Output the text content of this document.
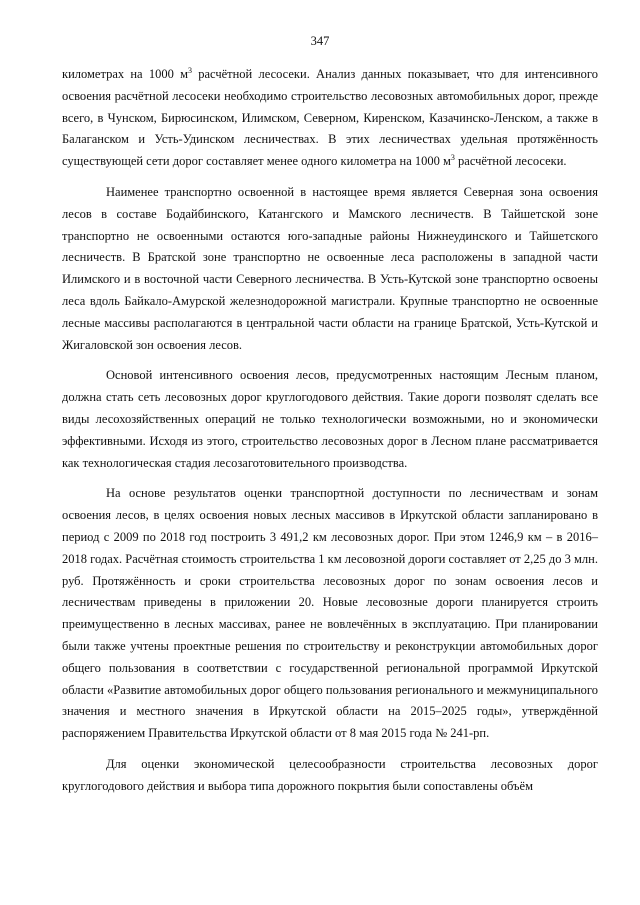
347

километрах на 1000 $м^3$ расчётной лесосеки. Анализ данных показывает, что для интенсивного освоения расчётной лесосеки необходимо строительство лесовозных автомобильных дорог, прежде всего, в Чунском, Бирюсинском, Илимском, Северном, Киренском, Казачинско-Ленском, а также в Балаганском и Усть-Удинском лесничествах. В этих лесничествах удельная протяжённость существующей сети дорог составляет менее одного километра на 1000 $м^3$ расчётной лесосеки.

Наименее транспортно освоенной в настоящее время является Северная зона освоения лесов в составе Бодайбинского, Катангского и Мамского лесничеств. В Тайшетской зоне транспортно не освоенными остаются юго-западные районы Нижнеудинского и Тайшетского лесничеств. В Братской зоне транспортно не освоенные леса расположены в западной части Илимского и в восточной части Северного лесничества. В Усть-Кутской зоне транспортно освоены леса вдоль Байкало-Амурской железнодорожной магистрали. Крупные транспортно не освоенные лесные массивы располагаются в центральной части области на границе Братской, Усть-Кутской и Жигаловской зон освоения лесов.

Основой интенсивного освоения лесов, предусмотренных настоящим Лесным планом, должна стать сеть лесовозных дорог круглогодового действия. Такие дороги позволят сделать все виды лесохозяйственных операций не только технологически возможными, но и экономически эффективными. Исходя из этого, строительство лесовозных дорог в Лесном плане рассматривается как технологическая стадия лесозаготовительного производства.

На основе результатов оценки транспортной доступности по лесничествам и зонам освоения лесов, в целях освоения новых лесных массивов в Иркутской области запланировано в период с 2009 по 2018 год построить 3 491,2 км лесовозных дорог. При этом 1246,9 км – в 2016–2018 годах. Расчётная стоимость строительства 1 км лесовозной дороги составляет от 2,25 до 3 млн. руб. Протяжённость и сроки строительства лесовозных дорог по зонам освоения лесов и лесничествам приведены в приложении 20. Новые лесовозные дороги планируется строить преимущественно в лесных массивах, ранее не вовлечённых в эксплуатацию. При планировании были также учтены проектные решения по строительству и реконструкции автомобильных дорог общего пользования в соответствии с государственной региональной программой Иркутской области «Развитие автомобильных дорог общего пользования регионального и межмуниципального значения и местного значения в Иркутской области на 2015–2025 годы», утверждённой распоряжением Правительства Иркутской области от 8 мая 2015 года № 241-рп.

Для оценки экономической целесообразности строительства лесовозных дорог круглогодового действия и выбора типа дорожного покрытия были сопоставлены объём
